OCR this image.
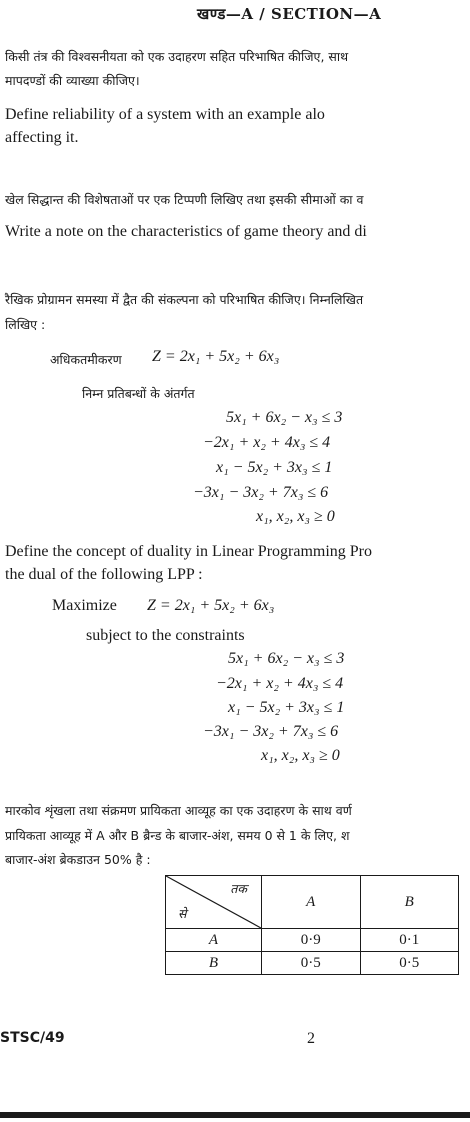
खण्ड—A / SECTION—A
किसी तंत्र की विश्वसनीयता को एक उदाहरण सहित परिभाषित कीजिए, साथ
मापदण्डों की व्याख्या कीजिए।
Define reliability of a system with an example alo
affecting it.
खेल सिद्धान्त की विशेषताओं पर एक टिप्पणी लिखिए तथा इसकी सीमाओं का व
Write a note on the characteristics of game theory and di
रैखिक प्रोग्रामन समस्या में द्वैत की संकल्पना को परिभाषित कीजिए। निम्नलिखित
लिखिए :
अधिकतमीकरण Z = 2x₁ + 5x₂ + 6x₃
निम्न प्रतिबन्धों के अंतर्गत
5x₁ + 6x₂ − x₃ ≤ 3
−2x₁ + x₂ + 4x₃ ≤ 4
x₁ − 5x₂ + 3x₃ ≤ 1
−3x₁ − 3x₂ + 7x₃ ≤ 6
x₁, x₂, x₃ ≥ 0
Define the concept of duality in Linear Programming Pro
the dual of the following LPP :
Maximize Z = 2x₁ + 5x₂ + 6x₃
subject to the constraints
5x₁ + 6x₂ − x₃ ≤ 3
−2x₁ + x₂ + 4x₃ ≤ 4
x₁ − 5x₂ + 3x₃ ≤ 1
−3x₁ − 3x₂ + 7x₃ ≤ 6
x₁, x₂, x₃ ≥ 0
मारकोव शृंखला तथा संक्रमण प्रायिकता आव्यूह का एक उदाहरण के साथ वर्ण
प्रायिकता आव्यूह में A और B ब्रैन्ड के बाजार-अंश, समय 0 से 1 के लिए, श
बाजार-अंश ब्रेकडाउन 50% है :
तक
से	A	B
A	0·9	0·1
B	0·5	0·5
STSC/49	2
